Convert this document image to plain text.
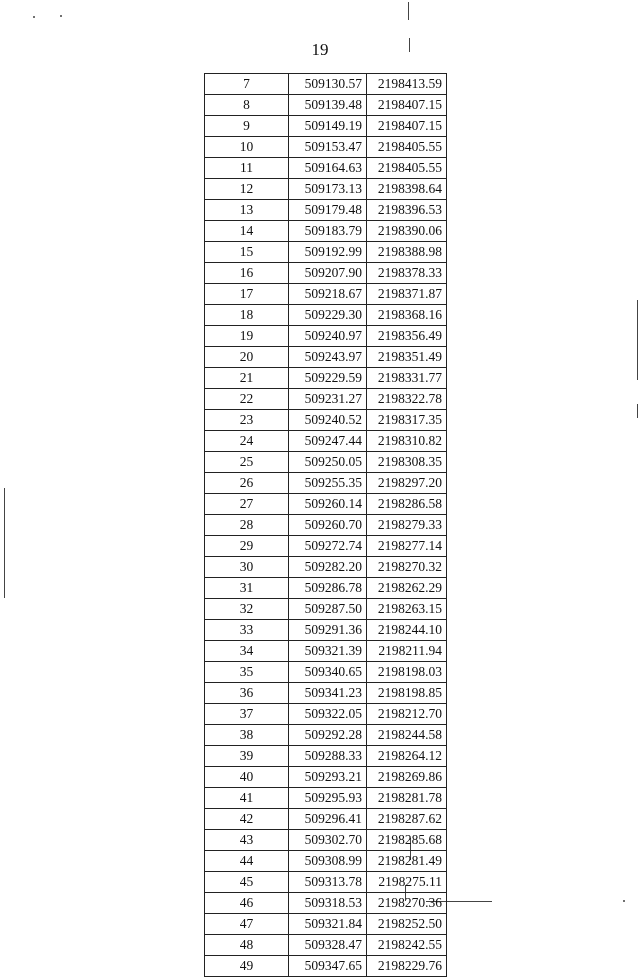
19
7	509130.57	2198413.59
8	509139.48	2198407.15
9	509149.19	2198407.15
10	509153.47	2198405.55
11	509164.63	2198405.55
12	509173.13	2198398.64
13	509179.48	2198396.53
14	509183.79	2198390.06
15	509192.99	2198388.98
16	509207.90	2198378.33
17	509218.67	2198371.87
18	509229.30	2198368.16
19	509240.97	2198356.49
20	509243.97	2198351.49
21	509229.59	2198331.77
22	509231.27	2198322.78
23	509240.52	2198317.35
24	509247.44	2198310.82
25	509250.05	2198308.35
26	509255.35	2198297.20
27	509260.14	2198286.58
28	509260.70	2198279.33
29	509272.74	2198277.14
30	509282.20	2198270.32
31	509286.78	2198262.29
32	509287.50	2198263.15
33	509291.36	2198244.10
34	509321.39	2198211.94
35	509340.65	2198198.03
36	509341.23	2198198.85
37	509322.05	2198212.70
38	509292.28	2198244.58
39	509288.33	2198264.12
40	509293.21	2198269.86
41	509295.93	2198281.78
42	509296.41	2198287.62
43	509302.70	2198285.68
44	509308.99	2198281.49
45	509313.78	2198275.11
46	509318.53	2198270.36
47	509321.84	2198252.50
48	509328.47	2198242.55
49	509347.65	2198229.76
